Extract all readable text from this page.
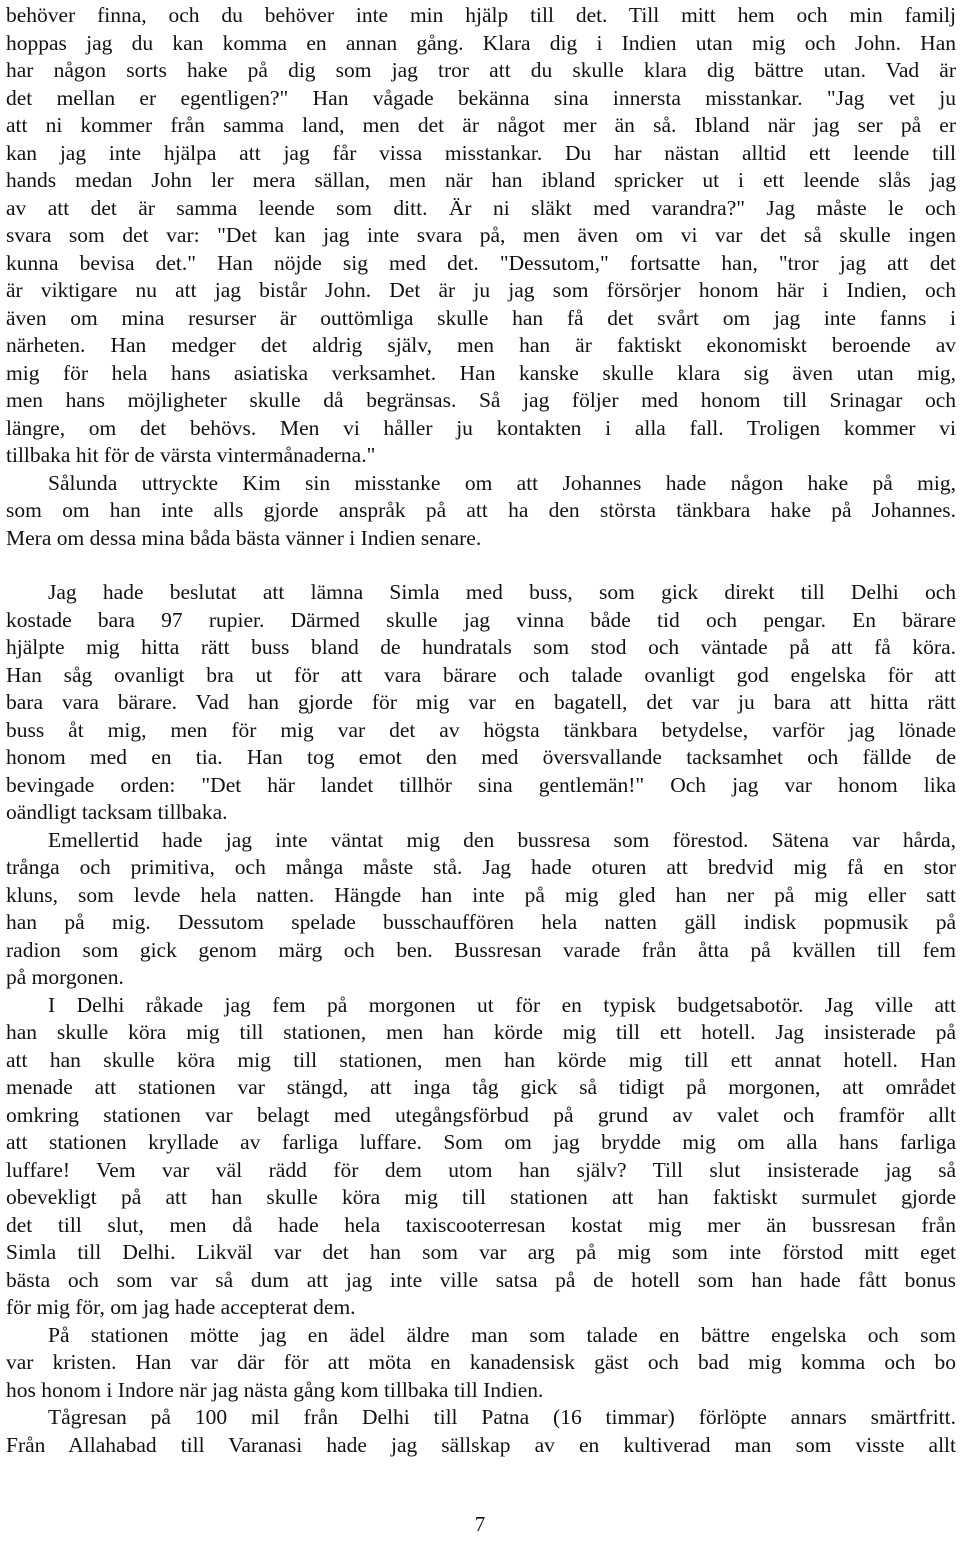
behöver finna, och du behöver inte min hjälp till det. Till mitt hem och min familj
hoppas jag du kan komma en annan gång. Klara dig i Indien utan mig och John. Han
har någon sorts hake på dig som jag tror att du skulle klara dig bättre utan. Vad är
det mellan er egentligen?" Han vågade bekänna sina innersta misstankar. "Jag vet ju
att ni kommer från samma land, men det är något mer än så. Ibland när jag ser på er
kan jag inte hjälpa att jag får vissa misstankar. Du har nästan alltid ett leende till
hands medan John ler mera sällan, men när han ibland spricker ut i ett leende slås jag
av att det är samma leende som ditt. Är ni släkt med varandra?" Jag måste le och
svara som det var: "Det kan jag inte svara på, men även om vi var det så skulle ingen
kunna bevisa det." Han nöjde sig med det. "Dessutom," fortsatte han, "tror jag att det
är viktigare nu att jag bistår John. Det är ju jag som försörjer honom här i Indien, och
även om mina resurser är outtömliga skulle han få det svårt om jag inte fanns i
närheten. Han medger det aldrig själv, men han är faktiskt ekonomiskt beroende av
mig för hela hans asiatiska verksamhet. Han kanske skulle klara sig även utan mig,
men hans möjligheter skulle då begränsas. Så jag följer med honom till Srinagar och
längre, om det behövs. Men vi håller ju kontakten i alla fall. Troligen kommer vi
tillbaka hit för de värsta vintermånaderna."
Sålunda uttryckte Kim sin misstanke om att Johannes hade någon hake på mig,
som om han inte alls gjorde anspråk på att ha den största tänkbara hake på Johannes.
Mera om dessa mina båda bästa vänner i Indien senare.
Jag hade beslutat att lämna Simla med buss, som gick direkt till Delhi och
kostade bara 97 rupier. Därmed skulle jag vinna både tid och pengar. En bärare
hjälpte mig hitta rätt buss bland de hundratals som stod och väntade på att få köra.
Han såg ovanligt bra ut för att vara bärare och talade ovanligt god engelska för att
bara vara bärare. Vad han gjorde för mig var en bagatell, det var ju bara att hitta rätt
buss åt mig, men för mig var det av högsta tänkbara betydelse, varför jag lönade
honom med en tia. Han tog emot den med översvallande tacksamhet och fällde de
bevingade orden: "Det här landet tillhör sina gentlemän!" Och jag var honom lika
oändligt tacksam tillbaka.
Emellertid hade jag inte väntat mig den bussresa som förestod. Sätena var hårda,
trånga och primitiva, och många måste stå. Jag hade oturen att bredvid mig få en stor
kluns, som levde hela natten. Hängde han inte på mig gled han ner på mig eller satt
han på mig. Dessutom spelade busschauffören hela natten gäll indisk popmusik på
radion som gick genom märg och ben. Bussresan varade från åtta på kvällen till fem
på morgonen.
I Delhi råkade jag fem på morgonen ut för en typisk budgetsabotör. Jag ville att
han skulle köra mig till stationen, men han körde mig till ett hotell. Jag insisterade på
att han skulle köra mig till stationen, men han körde mig till ett annat hotell. Han
menade att stationen var stängd, att inga tåg gick så tidigt på morgonen, att området
omkring stationen var belagt med utegångsförbud på grund av valet och framför allt
att stationen kryllade av farliga luffare. Som om jag brydde mig om alla hans farliga
luffare! Vem var väl rädd för dem utom han själv? Till slut insisterade jag så
obevekligt på att han skulle köra mig till stationen att han faktiskt surmulet gjorde
det till slut, men då hade hela taxiscooterresan kostat mig mer än bussresan från
Simla till Delhi. Likväl var det han som var arg på mig som inte förstod mitt eget
bästa och som var så dum att jag inte ville satsa på de hotell som han hade fått bonus
för mig för, om jag hade accepterat dem.
På stationen mötte jag en ädel äldre man som talade en bättre engelska och som
var kristen. Han var där för att möta en kanadensisk gäst och bad mig komma och bo
hos honom i Indore när jag nästa gång kom tillbaka till Indien.
Tågresan på 100 mil från Delhi till Patna (16 timmar) förlöpte annars smärtfritt.
Från Allahabad till Varanasi hade jag sällskap av en kultiverad man som visste allt
7
